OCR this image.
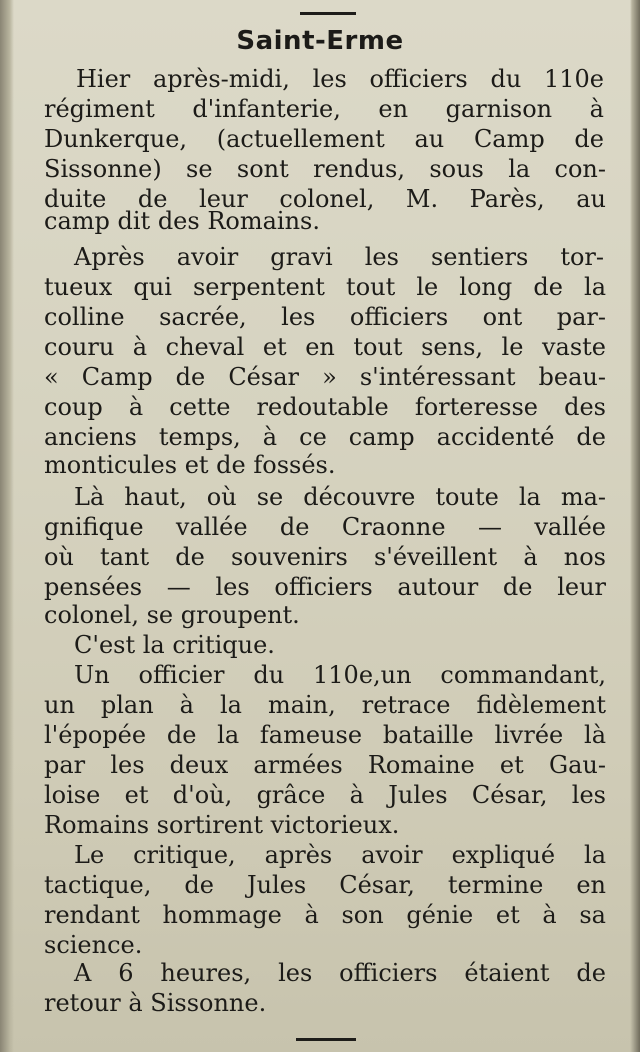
Saint-Erme
Hier après-midi, les officiers du 110e
régiment d'infanterie, en garnison à
Dunkerque, (actuellement au Camp de
Sissonne) se sont rendus, sous la con-
duite de leur colonel, M. Parès, au
camp dit des Romains.
Après avoir gravi les sentiers tor-
tueux qui serpentent tout le long de la
colline sacrée, les officiers ont par-
couru à cheval et en tout sens, le vaste
« Camp de César » s'intéressant beau-
coup à cette redoutable forteresse des
anciens temps, à ce camp accidenté de
monticules et de fossés.
Là haut, où se découvre toute la ma-
gnifique vallée de Craonne — vallée
où tant de souvenirs s'éveillent à nos
pensées — les officiers autour de leur
colonel, se groupent.
C'est la critique.
Un officier du 110e,un commandant,
un plan à la main, retrace fidèlement
l'épopée de la fameuse bataille livrée là
par les deux armées Romaine et Gau-
loise et d'où, grâce à Jules César, les
Romains sortirent victorieux.
Le critique, après avoir expliqué la
tactique, de Jules César, termine en
rendant hommage à son génie et à sa
science.
A 6 heures, les officiers étaient de
retour à Sissonne.
